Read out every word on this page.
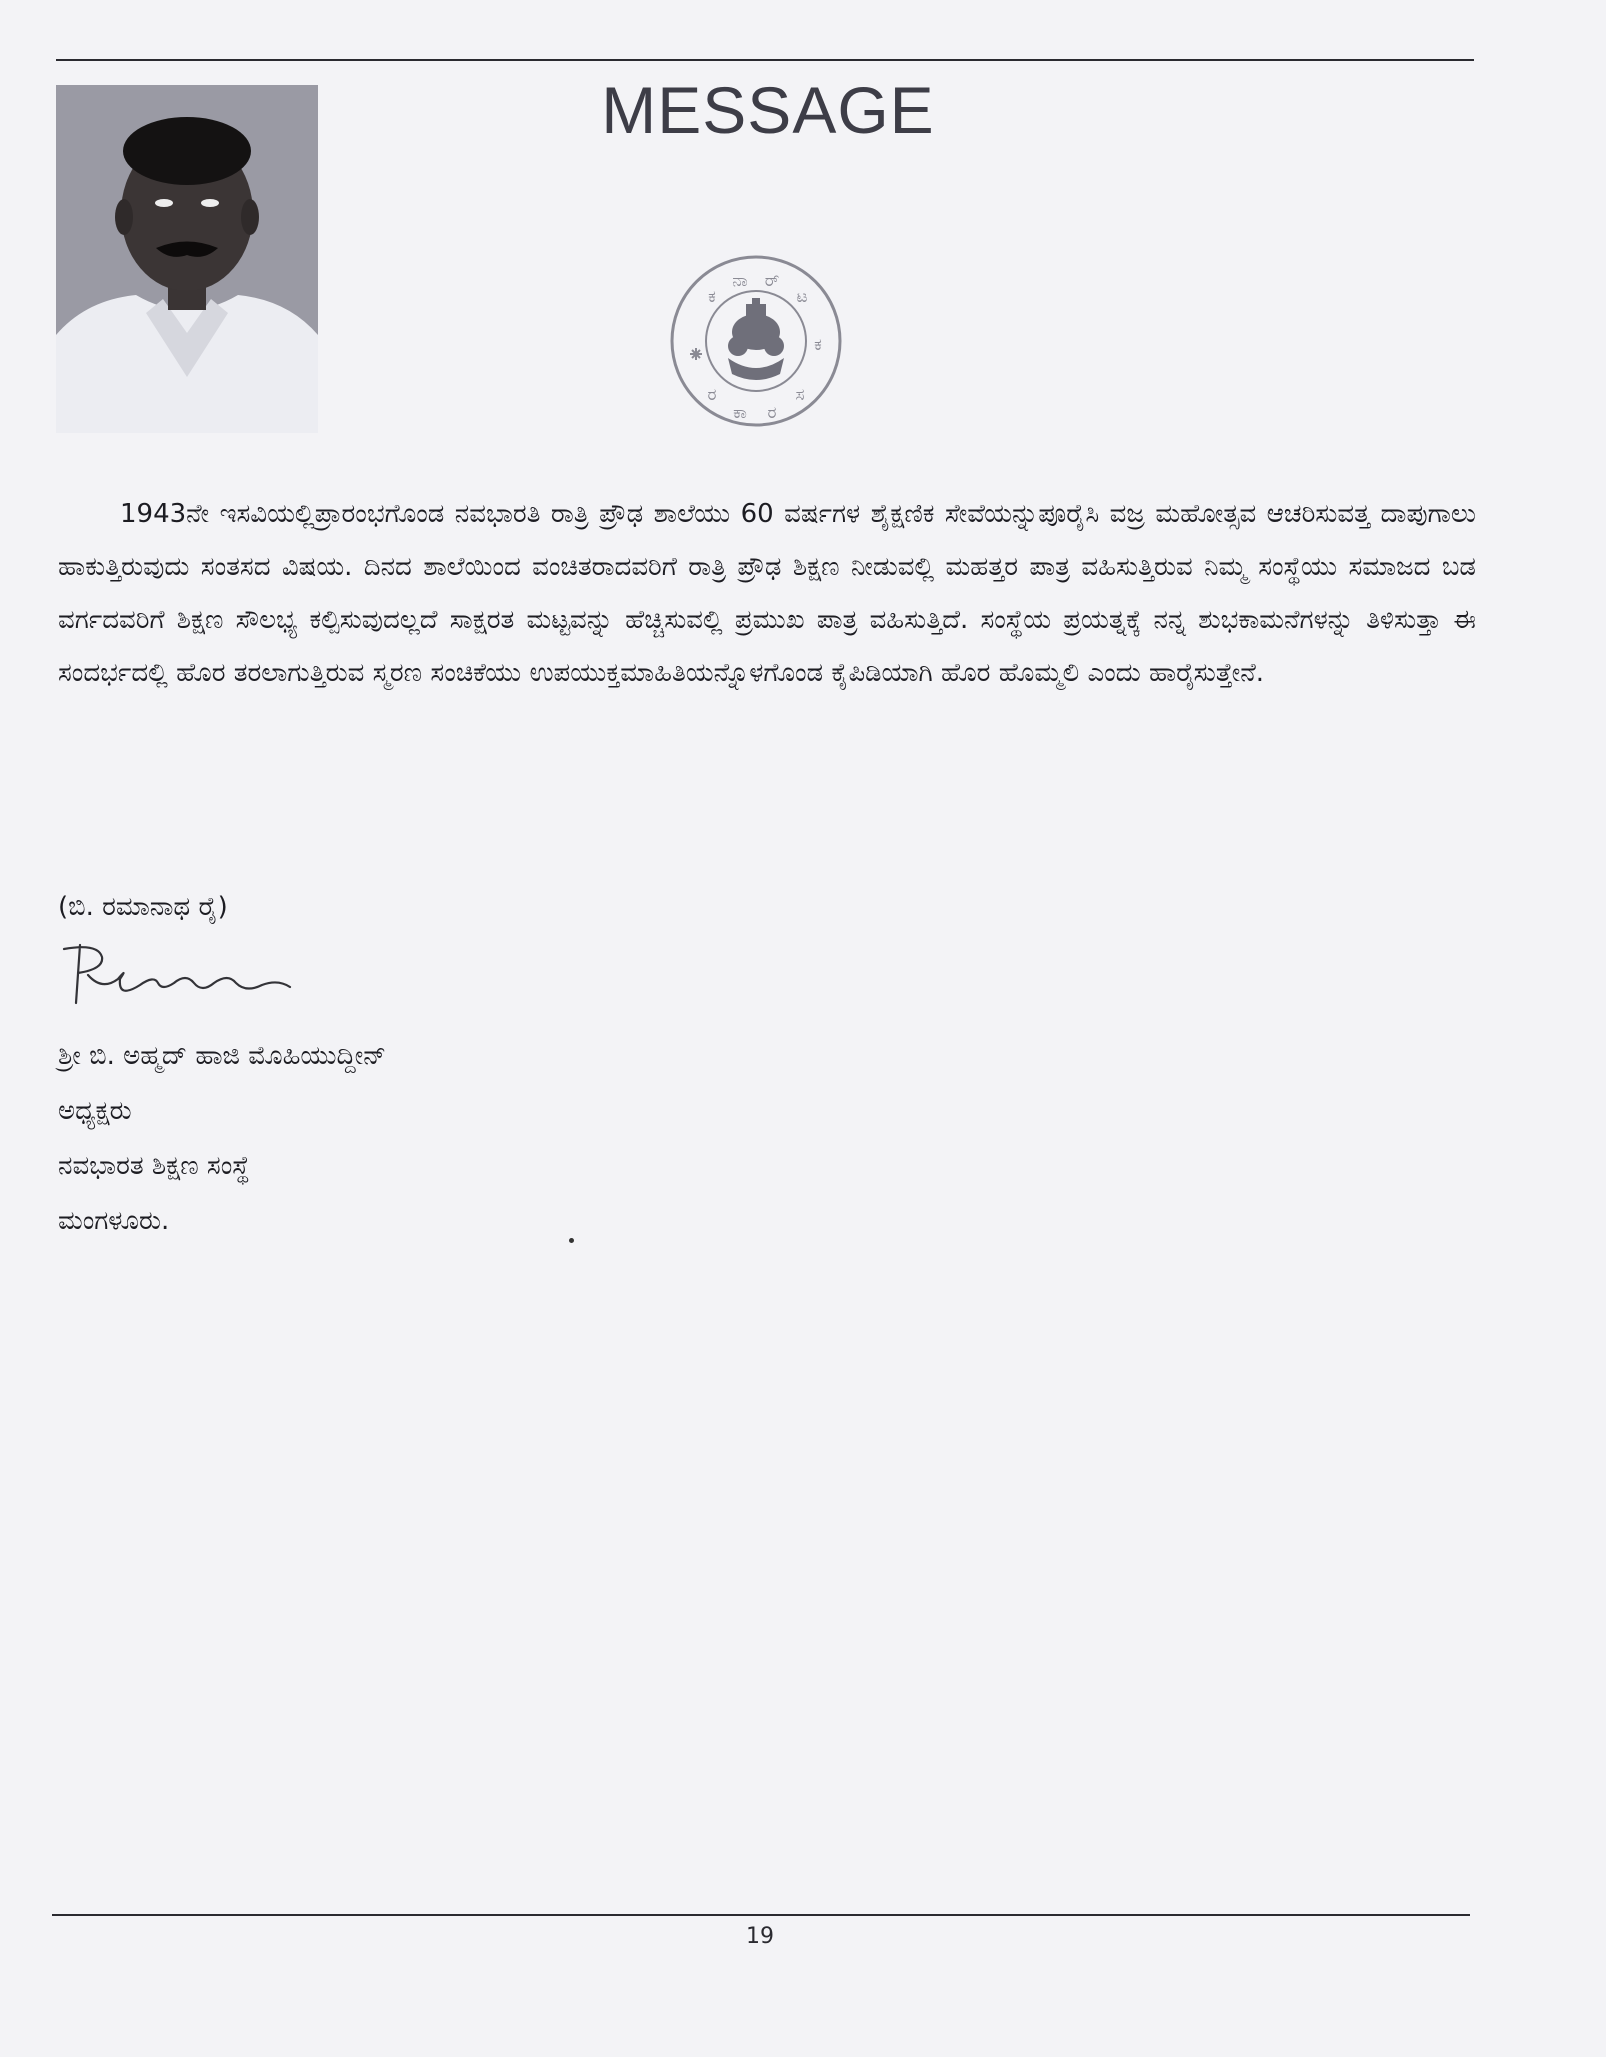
MESSAGE
ಕ
ನಾ ರ್
ಟ
ಕ
ಸ
ರ
ಕಾ
ರ

1943ನೇ ಇಸವಿಯಲ್ಲಿಪ್ರಾರಂಭಗೊಂಡ ನವಭಾರತಿ ರಾತ್ರಿ ಪ್ರೌಢ ಶಾಲೆಯು 60 ವರ್ಷಗಳ ಶೈಕ್ಷಣಿಕ ಸೇವೆಯನ್ನುಪೂರೈಸಿ ವಜ್ರ ಮಹೋತ್ಸವ ಆಚರಿಸುವತ್ತ ದಾಪುಗಾಲು ಹಾಕುತ್ತಿರುವುದು ಸಂತಸದ ವಿಷಯ. ದಿನದ ಶಾಲೆಯಿಂದ ವಂಚಿತರಾದವರಿಗೆ ರಾತ್ರಿ ಪ್ರೌಢ ಶಿಕ್ಷಣ ನೀಡುವಲ್ಲಿ ಮಹತ್ತರ ಪಾತ್ರ ವಹಿಸುತ್ತಿರುವ ನಿಮ್ಮ ಸಂಸ್ಥೆಯು ಸಮಾಜದ ಬಡ ವರ್ಗದವರಿಗೆ ಶಿಕ್ಷಣ ಸೌಲಭ್ಯ ಕಲ್ಪಿಸುವುದಲ್ಲದೆ ಸಾಕ್ಷರತ ಮಟ್ಟವನ್ನು ಹೆಚ್ಚಿಸುವಲ್ಲಿ ಪ್ರಮುಖ ಪಾತ್ರ ವಹಿಸುತ್ತಿದೆ. ಸಂಸ್ಥೆಯ ಪ್ರಯತ್ನಕ್ಕೆ ನನ್ನ ಶುಭಕಾಮನೆಗಳನ್ನು ತಿಳಿಸುತ್ತಾ ಈ ಸಂದರ್ಭದಲ್ಲಿ ಹೊರ ತರಲಾಗುತ್ತಿರುವ ಸ್ಮರಣ ಸಂಚಿಕೆಯು ಉಪಯುಕ್ತಮಾಹಿತಿಯನ್ನೊಳಗೊಂಡ ಕೈಪಿಡಿಯಾಗಿ ಹೊರ ಹೊಮ್ಮಲಿ ಎಂದು ಹಾರೈಸುತ್ತೇನೆ.

(ಬಿ. ರಮಾನಾಥ ರೈ)

ಶ್ರೀ ಬಿ. ಅಹ್ಮದ್ ಹಾಜಿ ಮೊಹಿಯುದ್ದೀನ್

ಅಧ್ಯಕ್ಷರು

ನವಭಾರತ ಶಿಕ್ಷಣ ಸಂಸ್ಥೆ

ಮಂಗಳೂರು.

19
